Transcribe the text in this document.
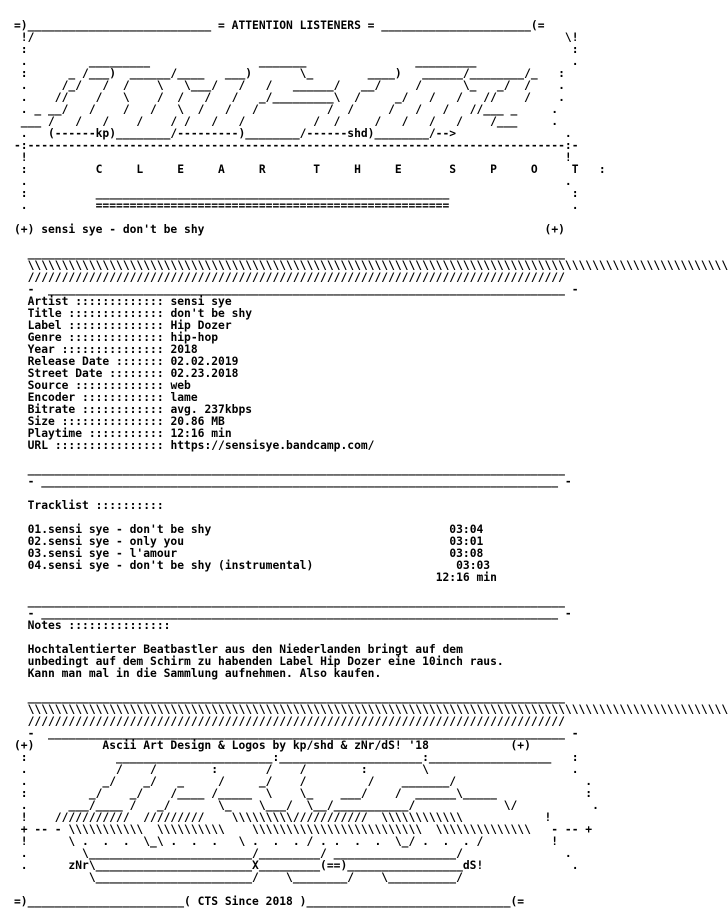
=)___________________________ = ATTENTION LISTENERS = ______________________(=
!/                                                                              \!
:                                                                                :
.         _________                _______                _________              .
:      _ /___)  ______/____   ___)       \_        ____)   ______/________/_   :
.     /_/   /  /    \   \___/   /   /   ______/   __/     /      \_   _/  /    .
.    //    /   \    /  /   /   /   _/_________\  /     _/   /   /   //    /    .
. _ __/   /    /   /   \  /   /   /          /  /     /   /   /   //___ _     .
___ /   /   /    /    / /   /   /          /  /     /   /   /   /    /___     .
.   (------kp)________/---------)________/------shd)________/-->                .
-:-------------------------------------------------------------------------------:-
!                                                                               !
:          C     L     E     A     R       T     H     E       S     P     O     T   :
.                                                                               .
:          ____________________________________________________                  :
.          ====================================================                  .

(+) sensi sye - don't be shy	(+)

_______________________________________________________________________________
\\\\\\\\\\\\\\\\\\\\\\\\\\\\\\\\\\\\\\\\\\\\\\\\\\\\\\\\\\\\\\\\\\\\\\\\\\\\\\\\\\\\\\\\\\\\\\\\\\\\\\\
///////////////////////////////////////////////////////////////////////////////
-  ____________________________________________________________________________ -
Artist ::::::::::::: sensi sye
Title :::::::::::::: don't be shy
Label :::::::::::::: Hip Dozer
Genre :::::::::::::: hip-hop
Year ::::::::::::::: 2018
Release Date ::::::: 02.02.2019
Street Date :::::::: 02.23.2018
Source ::::::::::::: web
Encoder :::::::::::: lame
Bitrate :::::::::::: avg. 237kbps
Size ::::::::::::::: 20.86 MB
Playtime ::::::::::: 12:16 min
URL :::::::::::::::: https://sensisye.bandcamp.com/

_______________________________________________________________________________
- ____________________________________________________________________________ -

Tracklist ::::::::::

01.sensi sye - don't be shy	03:04
02.sensi sye - only you	03:01
03.sensi sye - l'amour	03:08
04.sensi sye - don't be shy (instrumental)	03:03
12:16 min

_______________________________________________________________________________
- ____________________________________________________________________________ -
Notes :::::::::::::::

Hochtalentierter Beatbastler aus den Niederlanden bringt auf dem
unbedingt auf dem Schirm zu habenden Label Hip Dozer eine 10inch raus.
Kann man mal in die Sammlung aufnehmen. Also kaufen.

_______________________________________________________________________________
\\\\\\\\\\\\\\\\\\\\\\\\\\\\\\\\\\\\\\\\\\\\\\\\\\\\\\\\\\\\\\\\\\\\\\\\\\\\\\\\\\\\\\\\\\\\\\\\\\\\\\\
///////////////////////////////////////////////////////////////////////////////
-  ____________________________________________________________________________ -
(+)          Ascii Art Design & Logos by kp/shd & zNr/dS! '18            (+)
:             _______________________:_____________________:__________________   :
.             /    /        :       /    /        :        \                     .
.           _/    _/   _     /     _/    /         /    _______/                   .
:         _/    _/    /____ /_____  \    \_    ___/    /  ______\_____             :
.      ___/____ /   _/       \_    \___/  \__/___________/             \/           .
!    ///////////  /////////    \\\\\\\\\///////////  \\\\\\\\\\\\            !
+ -- - \\\\\\\\\\\  \\\\\\\\\\    \\\\\\\\\\\\\\\\\\\\\\\\\  \\\\\\\\\\\\\\   - -- +
!      \ .  .  .  \_\ .  .  .   \ .  .  . / . .  .  .  \_/ .  .  . /          !
.        \________________________/_________/ __________________/               .
.      zNr\_______________________X_________(==)_________________dS!             .
\_______________________/    \________/    \__________/

=)_______________________( CTS Since 2018 )______________________________(=
